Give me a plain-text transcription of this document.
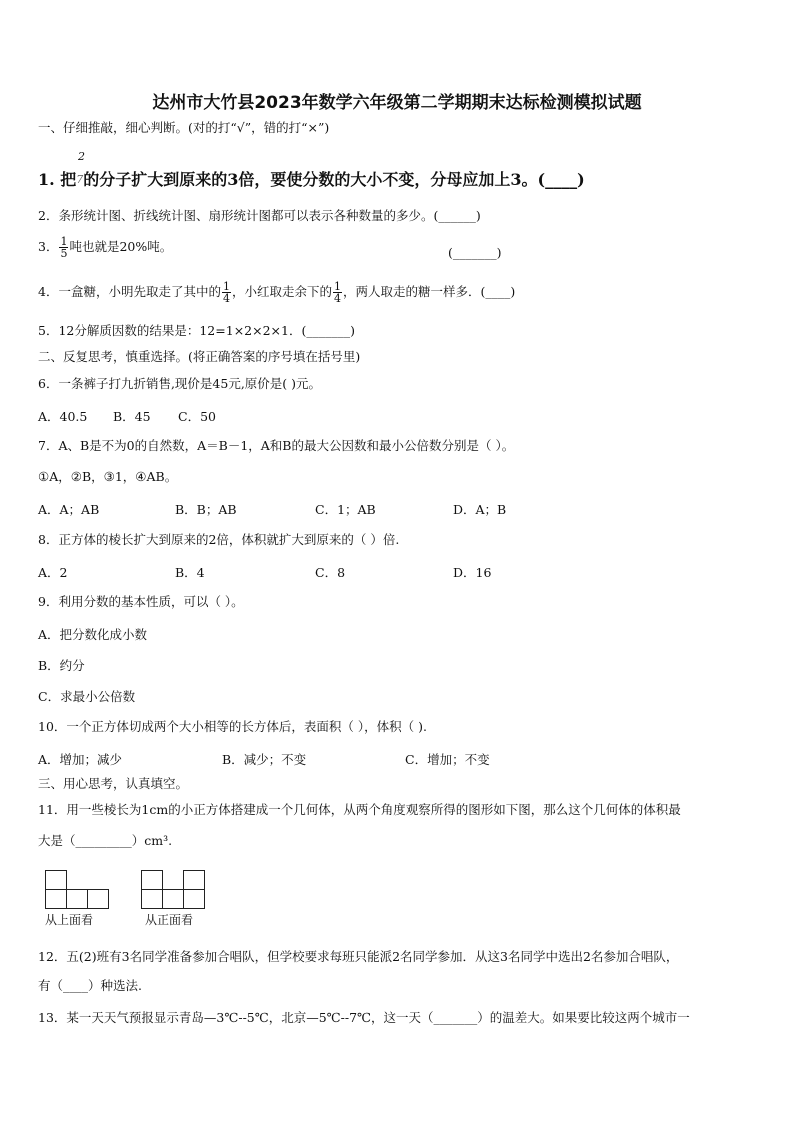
达州市大竹县2023年数学六年级第二学期期末达标检测模拟试题
一、仔细推敲，细心判断。(对的打“√”，错的打“×”)
2
1. 把7的分子扩大到原来的3倍，要使分数的大小不变，分母应加上3。(____)
2．条形统计图、折线统计图、扇形统计图都可以表示各种数量的多少。(______)
3． $\frac{1}{5}$ 吨也就是20%吨。	(_______)
4．一盒糖，小明先取走了其中的 $\frac{1}{4}$ ，小红取走余下的 $\frac{1}{4}$ ，两人取走的糖一样多．(____)
5．12分解质因数的结果是：12=1×2×2×1．(_______)
二、反复思考，慎重选择。(将正确答案的序号填在括号里)
6．一条裤子打九折销售,现价是45元,原价是( )元。
A．40.5 B．45 C．50
7．A、B是不为0的自然数，A＝B－1，A和B的最大公因数和最小公倍数分别是（ ）。
①A，②B，③1，④AB。
A．A；AB	B．B；AB	C．1；AB	D．A；B
8．正方体的棱长扩大到原来的2倍，体积就扩大到原来的（ ）倍.
A．2	B．4	C．8	D．16
9．利用分数的基本性质，可以（ ）。
A．把分数化成小数
B．约分
C．求最小公倍数
10．一个正方体切成两个大小相等的长方体后，表面积（ ），体积（ ).
A．增加；减少	B．减少；不变	C．增加；不变
三、用心思考，认真填空。
11．用一些棱长为1cm的小正方体搭建成一个几何体，从两个角度观察所得的图形如下图，那么这个几何体的体积最
大是（_________）cm³.
从上面看	从正面看
12．五(2)班有3名同学准备参加合唱队，但学校要求每班只能派2名同学参加．从这3名同学中选出2名参加合唱队，
有（____）种选法.
13．某一天天气预报显示青岛—3℃--5℃，北京—5℃--7℃，这一天（_______）的温差大。如果要比较这两个城市一
